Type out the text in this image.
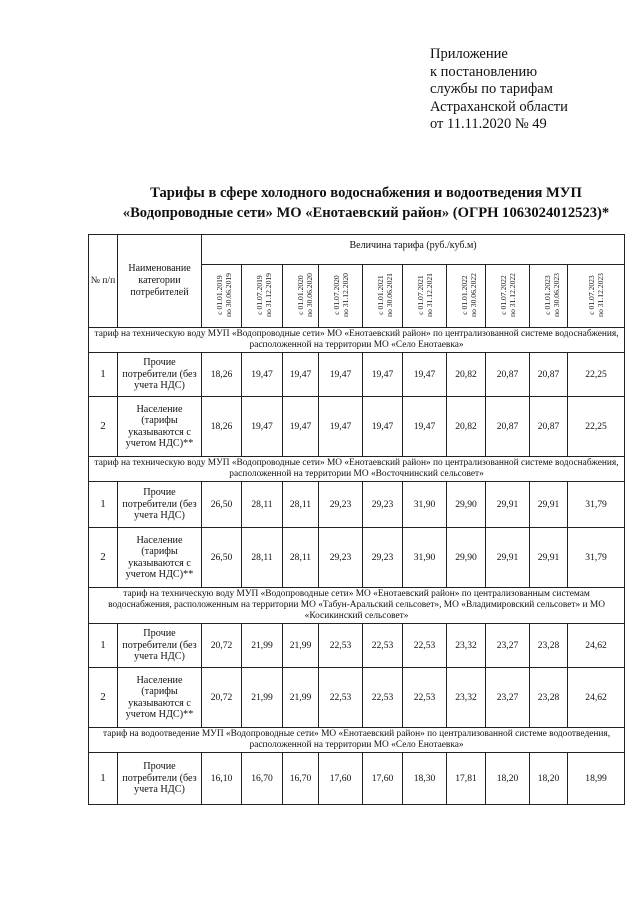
Приложение
к постановлению
службы по тарифам
Астраханской области
от 11.11.2020 № 49
Тарифы в сфере холодного водоснабжения и водоотведения МУП
«Водопроводные сети» МО «Енотаевский район» (ОГРН 1063024012523)*
№ п/п	Наименование категории потребителей	Величина тарифа (руб./куб.м)									

		с 01.01.2019 по 30.06.2019	с 01.07.2019 по 31.12.2019	с 01.01.2020 по 30.06.2020	с 01.07.2020 по 31.12.2020	с 01.01.2021 по 30.06.2021	с 01.07.2021 по 31.12.2021	с 01.01.2022 по 30.06.2022	с 01.07.2022 по 31.12.2022	с 01.01.2023 по 30.06.2023	с 01.07.2023 по 31.12.2023

тариф на техническую воду МУП «Водопроводные сети» МО «Енотаевский район» по централизованной системе водоснабжения, расположенной на территории МО «Село Енотаевка»											
1	Прочие потребители (без учета НДС)	18,26	19,47	19,47	19,47	19,47	19,47	20,82	20,87	20,87	22,25
2	Население (тарифы указываются с учетом НДС)**	18,26	19,47	19,47	19,47	19,47	19,47	20,82	20,87	20,87	22,25
тариф на техническую воду МУП «Водопроводные сети» МО «Енотаевский район» по централизованной системе водоснабжения, расположенной на территории МО «Восточнинский сельсовет»											
1	Прочие потребители (без учета НДС)	26,50	28,11	28,11	29,23	29,23	31,90	29,90	29,91	29,91	31,79
2	Население (тарифы указываются с учетом НДС)**	26,50	28,11	28,11	29,23	29,23	31,90	29,90	29,91	29,91	31,79
тариф на техническую воду МУП «Водопроводные сети» МО «Енотаевский район» по централизованным системам водоснабжения, расположенным на территории МО «Табун-Аральский сельсовет», МО «Владимировский сельсовет» и МО «Косикинский сельсовет»											
1	Прочие потребители (без учета НДС)	20,72	21,99	21,99	22,53	22,53	22,53	23,32	23,27	23,28	24,62
2	Население (тарифы указываются с учетом НДС)**	20,72	21,99	21,99	22,53	22,53	22,53	23,32	23,27	23,28	24,62
тариф на водоотведение МУП «Водопроводные сети» МО «Енотаевский район» по централизованной системе водоотведения, расположенной на территории МО «Село Енотаевка»											
1	Прочие потребители (без учета НДС)	16,10	16,70	16,70	17,60	17,60	18,30	17,81	18,20	18,20	18,99
